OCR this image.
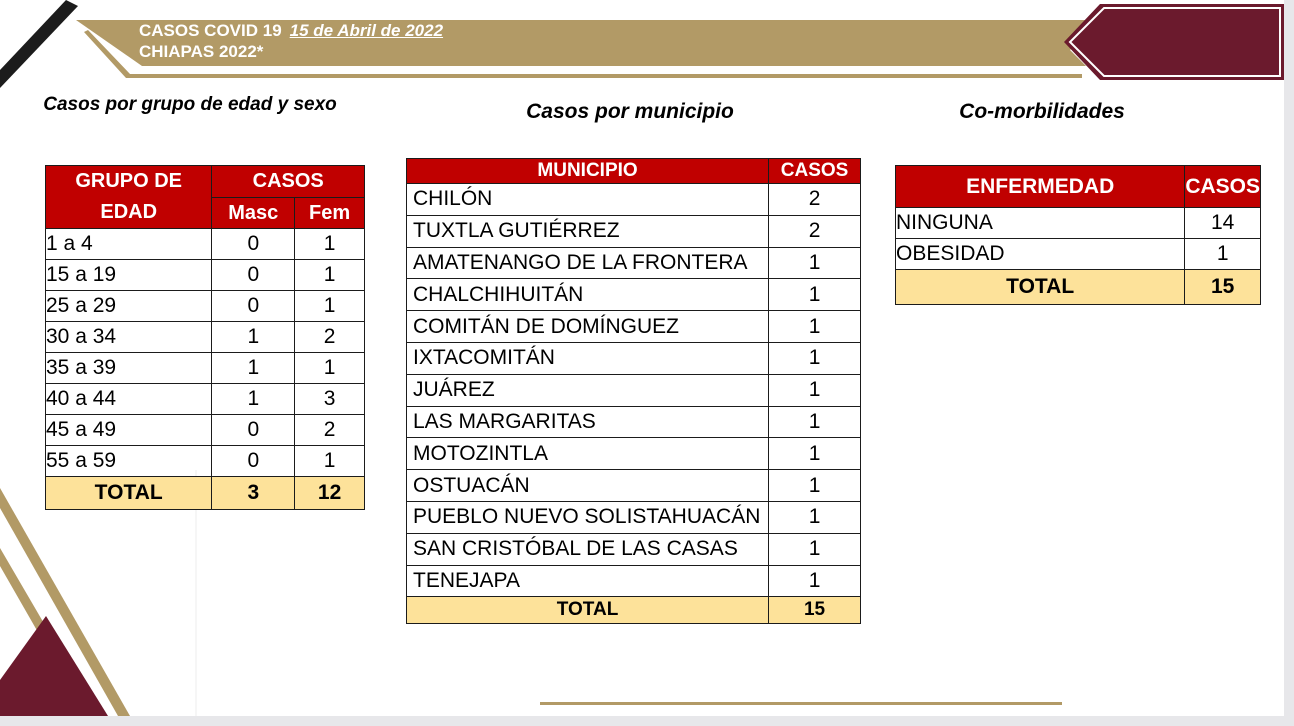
CASOS COVID 19 15 de Abril de 2022
CHIAPAS 2022*
Casos por grupo de edad y sexo	Casos por municipio	Co-morbilidades
GRUPO DE EDAD	CASOS	
	Masc	Fem
1 a 4	0	1
15 a 19	0	1
25 a 29	0	1
30 a 34	1	2
35 a 39	1	1
40 a 44	1	3
45 a 49	0	2
55 a 59	0	1
TOTAL	3	12
MUNICIPIO	CASOS
CHILÓN	2
TUXTLA GUTIÉRREZ	2
AMATENANGO DE LA FRONTERA	1
CHALCHIHUITÁN	1
COMITÁN DE DOMÍNGUEZ	1
IXTACOMITÁN	1
JUÁREZ	1
LAS MARGARITAS	1
MOTOZINTLA	1
OSTUACÁN	1
PUEBLO NUEVO SOLISTAHUACÁN	1
SAN CRISTÓBAL DE LAS CASAS	1
TENEJAPA	1
TOTAL	15
ENFERMEDAD	CASOS
NINGUNA	14
OBESIDAD	1
TOTAL	15
